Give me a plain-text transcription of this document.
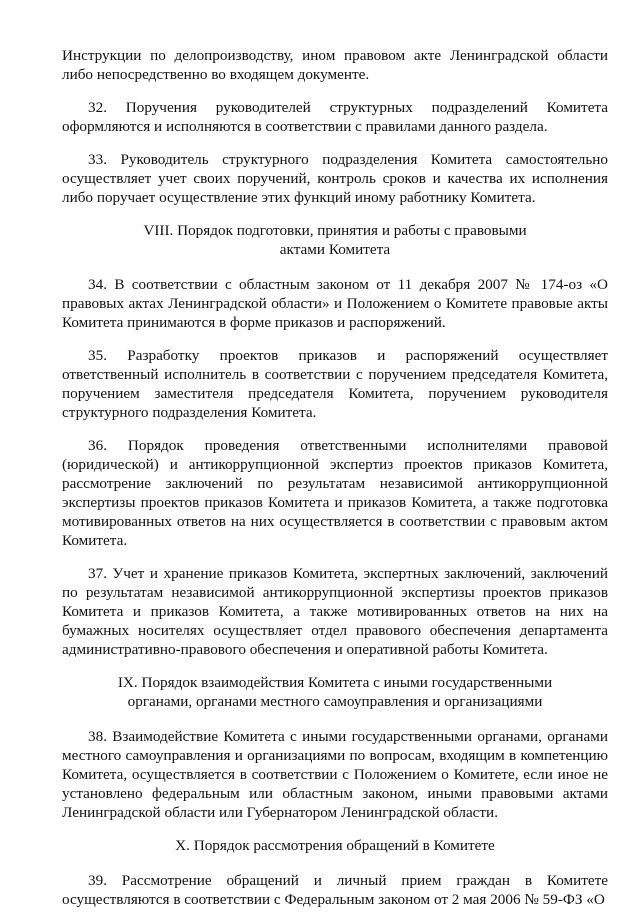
Инструкции по делопроизводству, ином правовом акте Ленинградской области либо непосредственно во входящем документе.

32. Поручения руководителей структурных подразделений Комитета оформляются и исполняются в соответствии с правилами данного раздела.

33. Руководитель структурного подразделения Комитета самостоятельно осуществляет учет своих поручений, контроль сроков и качества их исполнения либо поручает осуществление этих функций иному работнику Комитета.

VIII. Порядок подготовки, принятия и работы с правовыми
актами Комитета

34. В соответствии с областным законом от 11 декабря 2007 № 174-оз «О правовых актах Ленинградской области» и Положением о Комитете правовые акты Комитета принимаются в форме приказов и распоряжений.

35. Разработку проектов приказов и распоряжений осуществляет ответственный исполнитель в соответствии с поручением председателя Комитета, поручением заместителя председателя Комитета, поручением руководителя структурного подразделения Комитета.

36. Порядок проведения ответственными исполнителями правовой (юридической) и антикоррупционной экспертиз проектов приказов Комитета, рассмотрение заключений по результатам независимой антикоррупционной экспертизы проектов приказов Комитета и приказов Комитета, а также подготовка мотивированных ответов на них осуществляется в соответствии с правовым актом Комитета.

37. Учет и хранение приказов Комитета, экспертных заключений, заключений по результатам независимой антикоррупционной экспертизы проектов приказов Комитета и приказов Комитета, а также мотивированных ответов на них на бумажных носителях осуществляет отдел правового обеспечения департамента административно-правового обеспечения и оперативной работы Комитета.

IX. Порядок взаимодействия Комитета с иными государственными
органами, органами местного самоуправления и организациями

38. Взаимодействие Комитета с иными государственными органами, органами местного самоуправления и организациями по вопросам, входящим в компетенцию Комитета, осуществляется в соответствии с Положением о Комитете, если иное не установлено федеральным или областным законом, иными правовыми актами Ленинградской области или Губернатором Ленинградской области.

X. Порядок рассмотрения обращений в Комитете

39. Рассмотрение обращений и личный прием граждан в Комитете осуществляются в соответствии с Федеральным законом от 2 мая 2006 № 59-ФЗ «О
